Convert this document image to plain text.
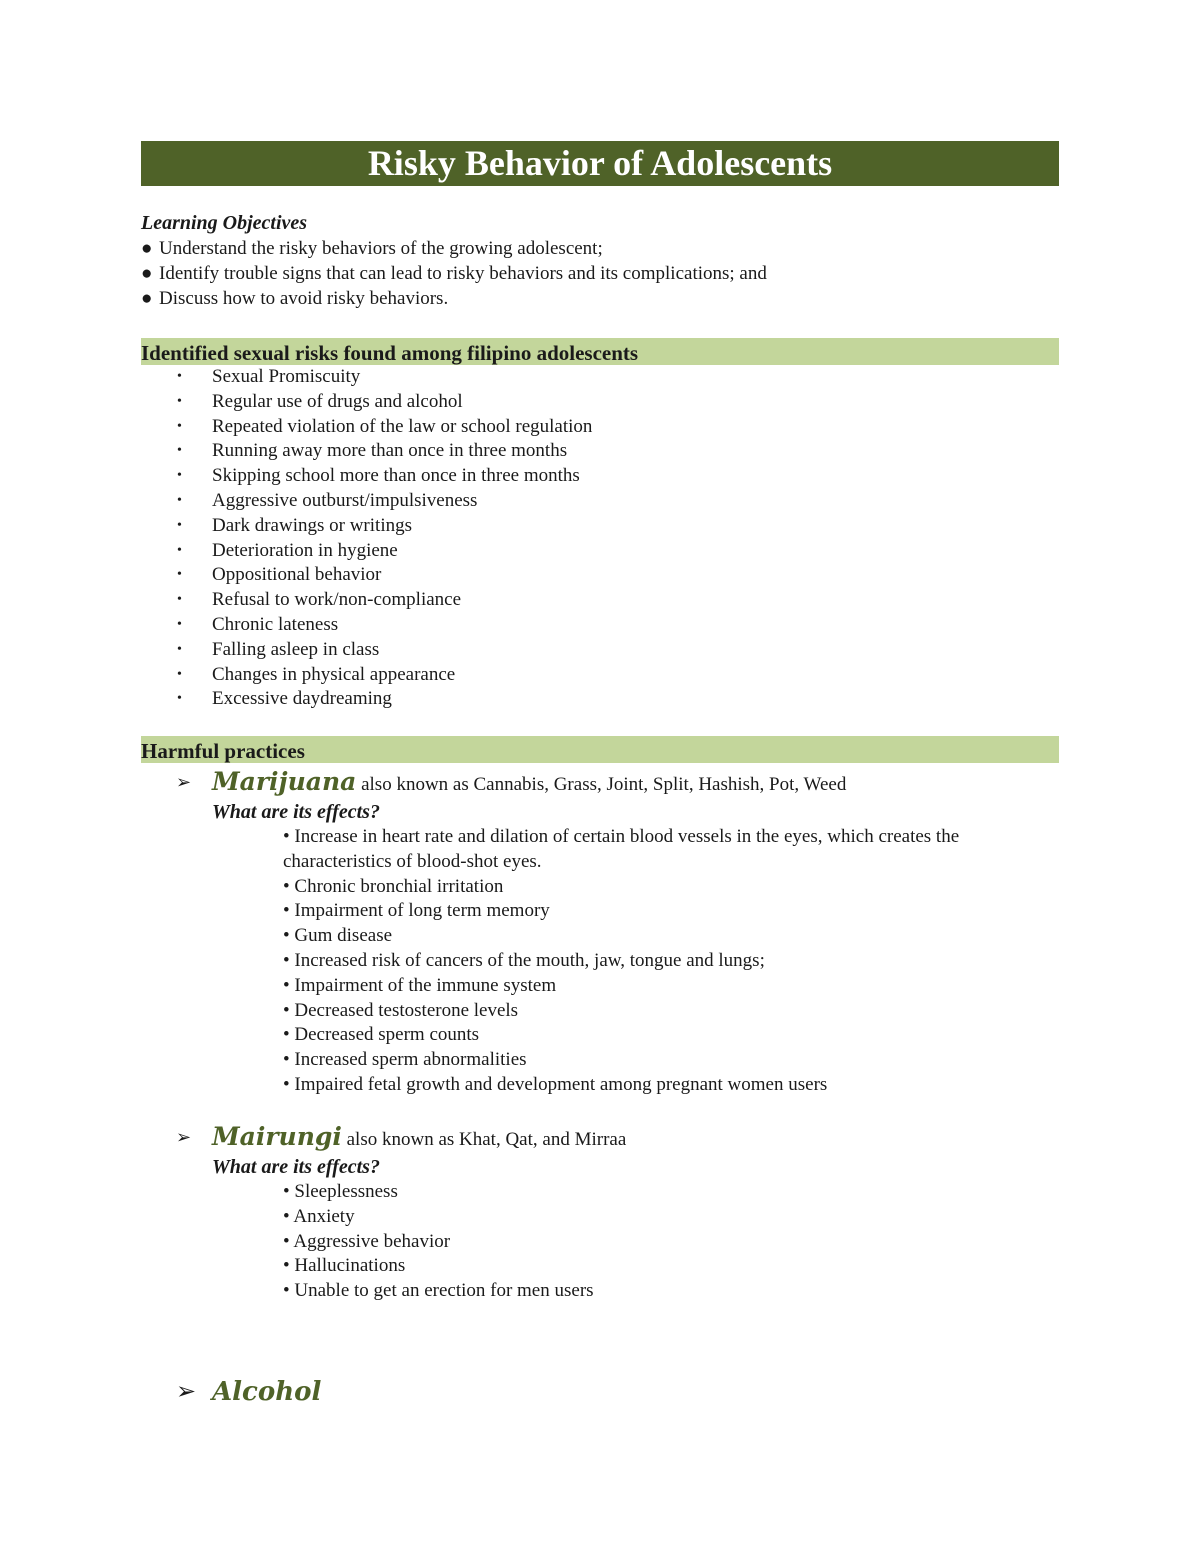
Risky Behavior of Adolescents
Learning Objectives
● Understand the risky behaviors of the growing adolescent;
● Identify trouble signs that can lead to risky behaviors and its complications; and
● Discuss how to avoid risky behaviors.
Identified sexual risks found among filipino adolescents
• Sexual Promiscuity
• Regular use of drugs and alcohol
• Repeated violation of the law or school regulation
• Running away more than once in three months
• Skipping school more than once in three months
• Aggressive outburst/impulsiveness
• Dark drawings or writings
• Deterioration in hygiene
• Oppositional behavior
• Refusal to work/non-compliance
• Chronic lateness
• Falling asleep in class
• Changes in physical appearance
• Excessive daydreaming
Harmful practices
➢ Marijuana also known as Cannabis, Grass, Joint, Split, Hashish, Pot, Weed
What are its effects?
• Increase in heart rate and dilation of certain blood vessels in the eyes, which creates the characteristics of blood-shot eyes.
• Chronic bronchial irritation
• Impairment of long term memory
• Gum disease
• Increased risk of cancers of the mouth, jaw, tongue and lungs;
• Impairment of the immune system
• Decreased testosterone levels
• Decreased sperm counts
• Increased sperm abnormalities
• Impaired fetal growth and development among pregnant women users
➢ Mairungi also known as Khat, Qat, and Mirraa
What are its effects?
• Sleeplessness
• Anxiety
• Aggressive behavior
• Hallucinations
• Unable to get an erection for men users
➢ Alcohol
